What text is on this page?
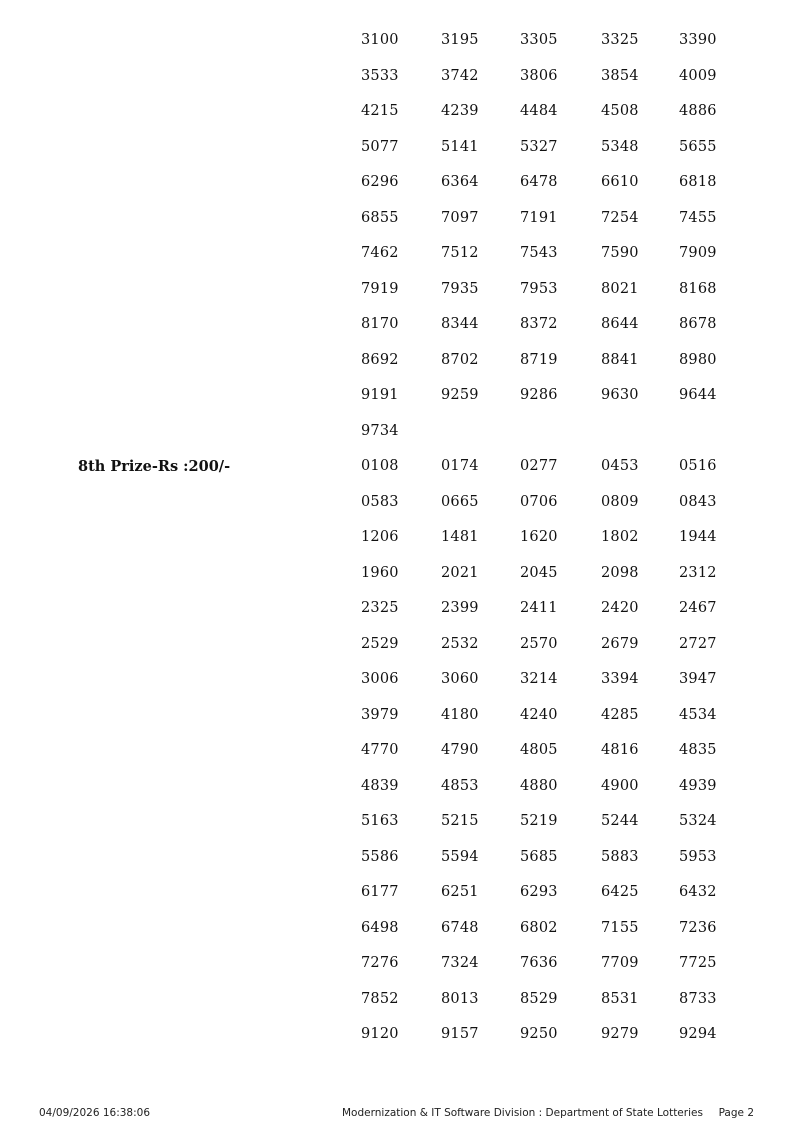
3100	3195	3305	3325	3390
3533	3742	3806	3854	4009
4215	4239	4484	4508	4886
5077	5141	5327	5348	5655
6296	6364	6478	6610	6818
6855	7097	7191	7254	7455
7462	7512	7543	7590	7909
7919	7935	7953	8021	8168
8170	8344	8372	8644	8678
8692	8702	8719	8841	8980
9191	9259	9286	9630	9644
9734
8th Prize-Rs :200/-	0108	0174	0277	0453	0516
0583	0665	0706	0809	0843
1206	1481	1620	1802	1944
1960	2021	2045	2098	2312
2325	2399	2411	2420	2467
2529	2532	2570	2679	2727
3006	3060	3214	3394	3947
3979	4180	4240	4285	4534
4770	4790	4805	4816	4835
4839	4853	4880	4900	4939
5163	5215	5219	5244	5324
5586	5594	5685	5883	5953
6177	6251	6293	6425	6432
6498	6748	6802	7155	7236
7276	7324	7636	7709	7725
7852	8013	8529	8531	8733
9120	9157	9250	9279	9294
04/09/2026 16:38:06	Modernization & IT Software Division : Department of State Lotteries Page 2
